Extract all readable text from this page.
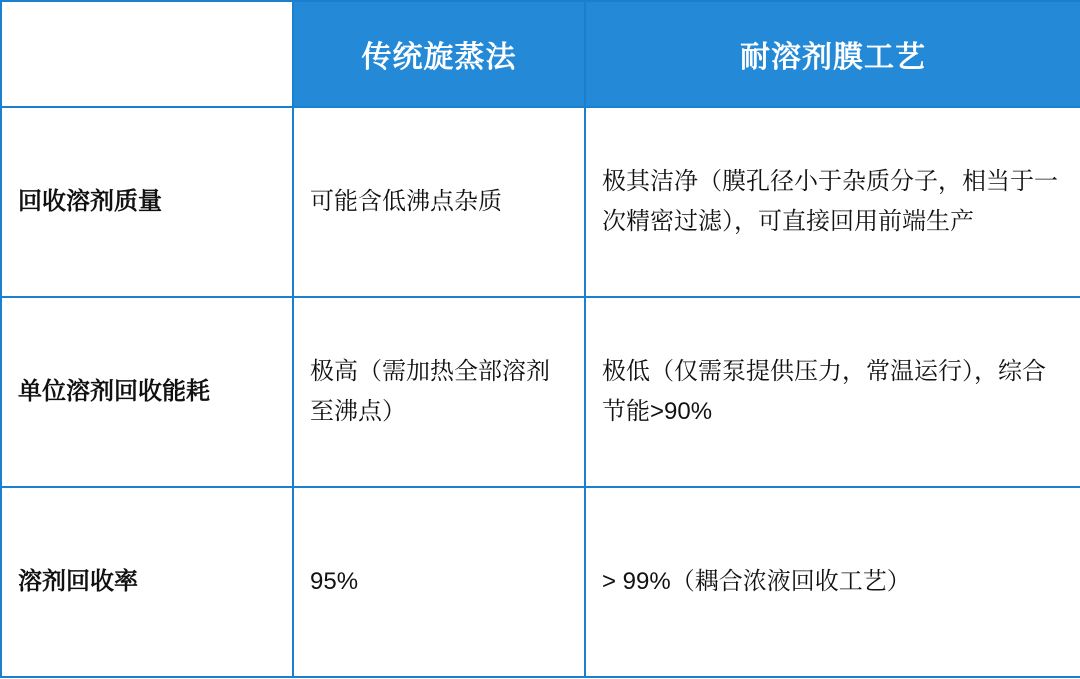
	传统旋蒸法	耐溶剂膜工艺
回收溶剂质量	可能含低沸点杂质	极其洁净（膜孔径小于杂质分子，相当于一次精密过滤），可直接回用前端生产
单位溶剂回收能耗	极高（需加热全部溶剂至沸点）	极低（仅需泵提供压力，常温运行），综合节能>90%
溶剂回收率	95%	> 99%（耦合浓液回收工艺）
